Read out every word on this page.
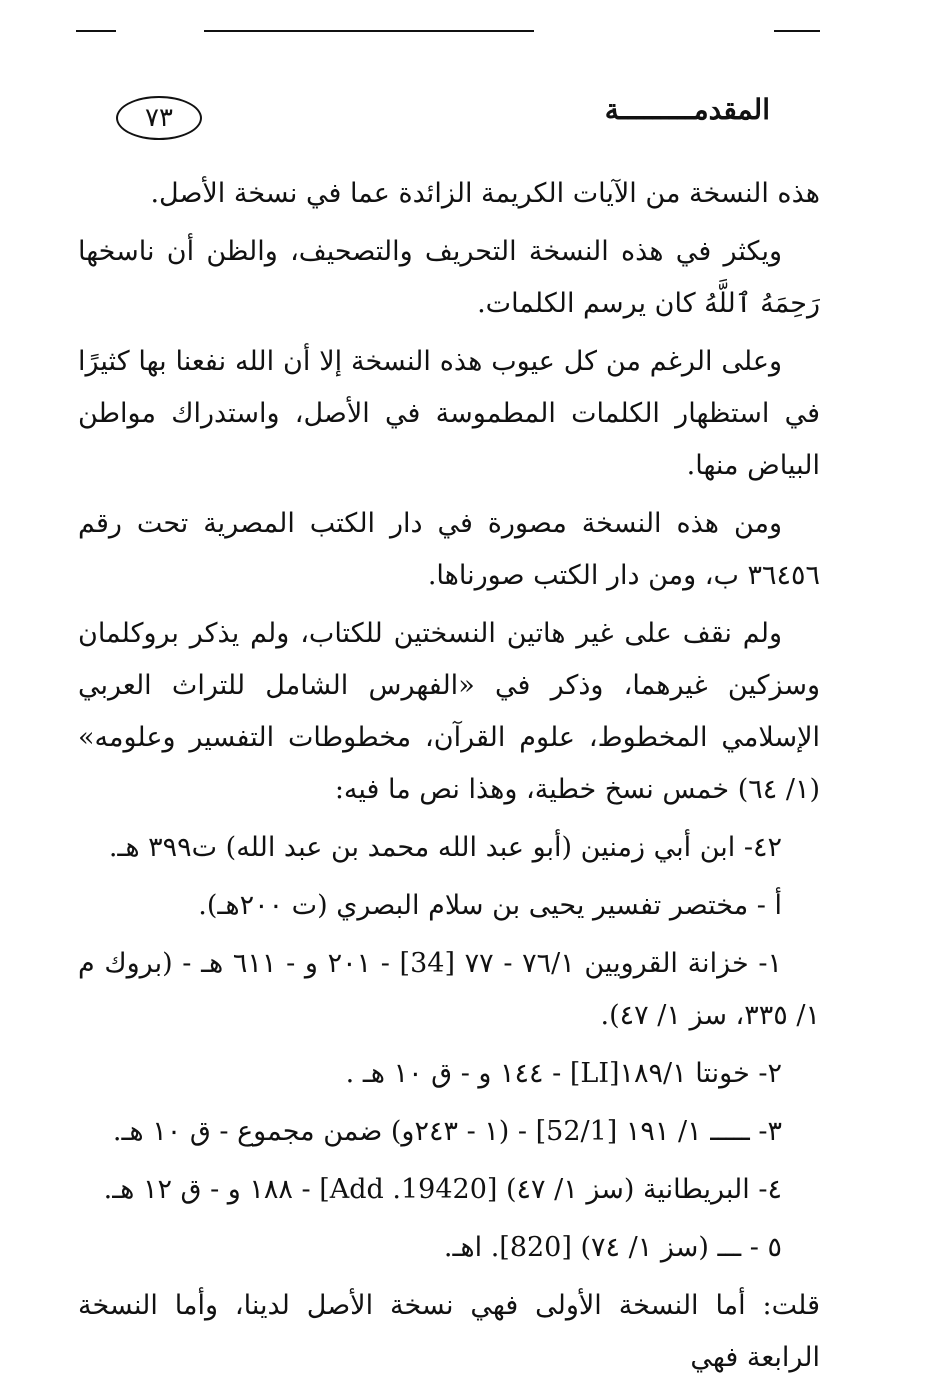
المقدمـــــــــة
٧٣

هذه النسخة من الآيات الكريمة الزائدة عما في نسخة الأصل.

ويكثر في هذه النسخة التحريف والتصحيف، والظن أن ناسخها رَحِمَهُ ٱللَّهُ كان يرسم الكلمات.

وعلى الرغم من كل عيوب هذه النسخة إلا أن الله نفعنا بها كثيرًا في استظهار الكلمات المطموسة في الأصل، واستدراك مواطن البياض منها.

ومن هذه النسخة مصورة في دار الكتب المصرية تحت رقم ٣٦٤٥٦ ب، ومن دار الكتب صورناها.

ولم نقف على غير هاتين النسختين للكتاب، ولم يذكر بروكلمان وسزكين غيرهما، وذكر في «الفهرس الشامل للتراث العربي الإسلامي المخطوط، علوم القرآن، مخطوطات التفسير وعلومه» (١/ ٦٤) خمس نسخ خطية، وهذا نص ما فيه:

٤٢- ابن أبي زمنين (أبو عبد الله محمد بن عبد الله) ت٣٩٩ هـ.

أ - مختصر تفسير يحيى بن سلام البصري (ت ٢٠٠هـ).

١- خزانة القرويين ٧٦/١ - ٧٧ [34] - ٢٠١ و - ٦١١ هـ - (بروك م ١/ ٣٣٥، سز ١/ ٤٧).

٢- خونتا ١٨٩/١[LI] - ١٤٤ و - ق ١٠ هـ .

٣- ـــــ ١/ ١٩١ [52/1] - (١ - ٢٤٣و) ضمن مجموع - ق ١٠ هـ.

٤- البريطانية (سز ١/ ٤٧) [Add .19420] - ١٨٨ و - ق ١٢ هـ.

٥ - ـــ (سز ١/ ٧٤) [820]. اهـ.

قلت: أما النسخة الأولى فهي نسخة الأصل لدينا، وأما النسخة الرابعة فهي
